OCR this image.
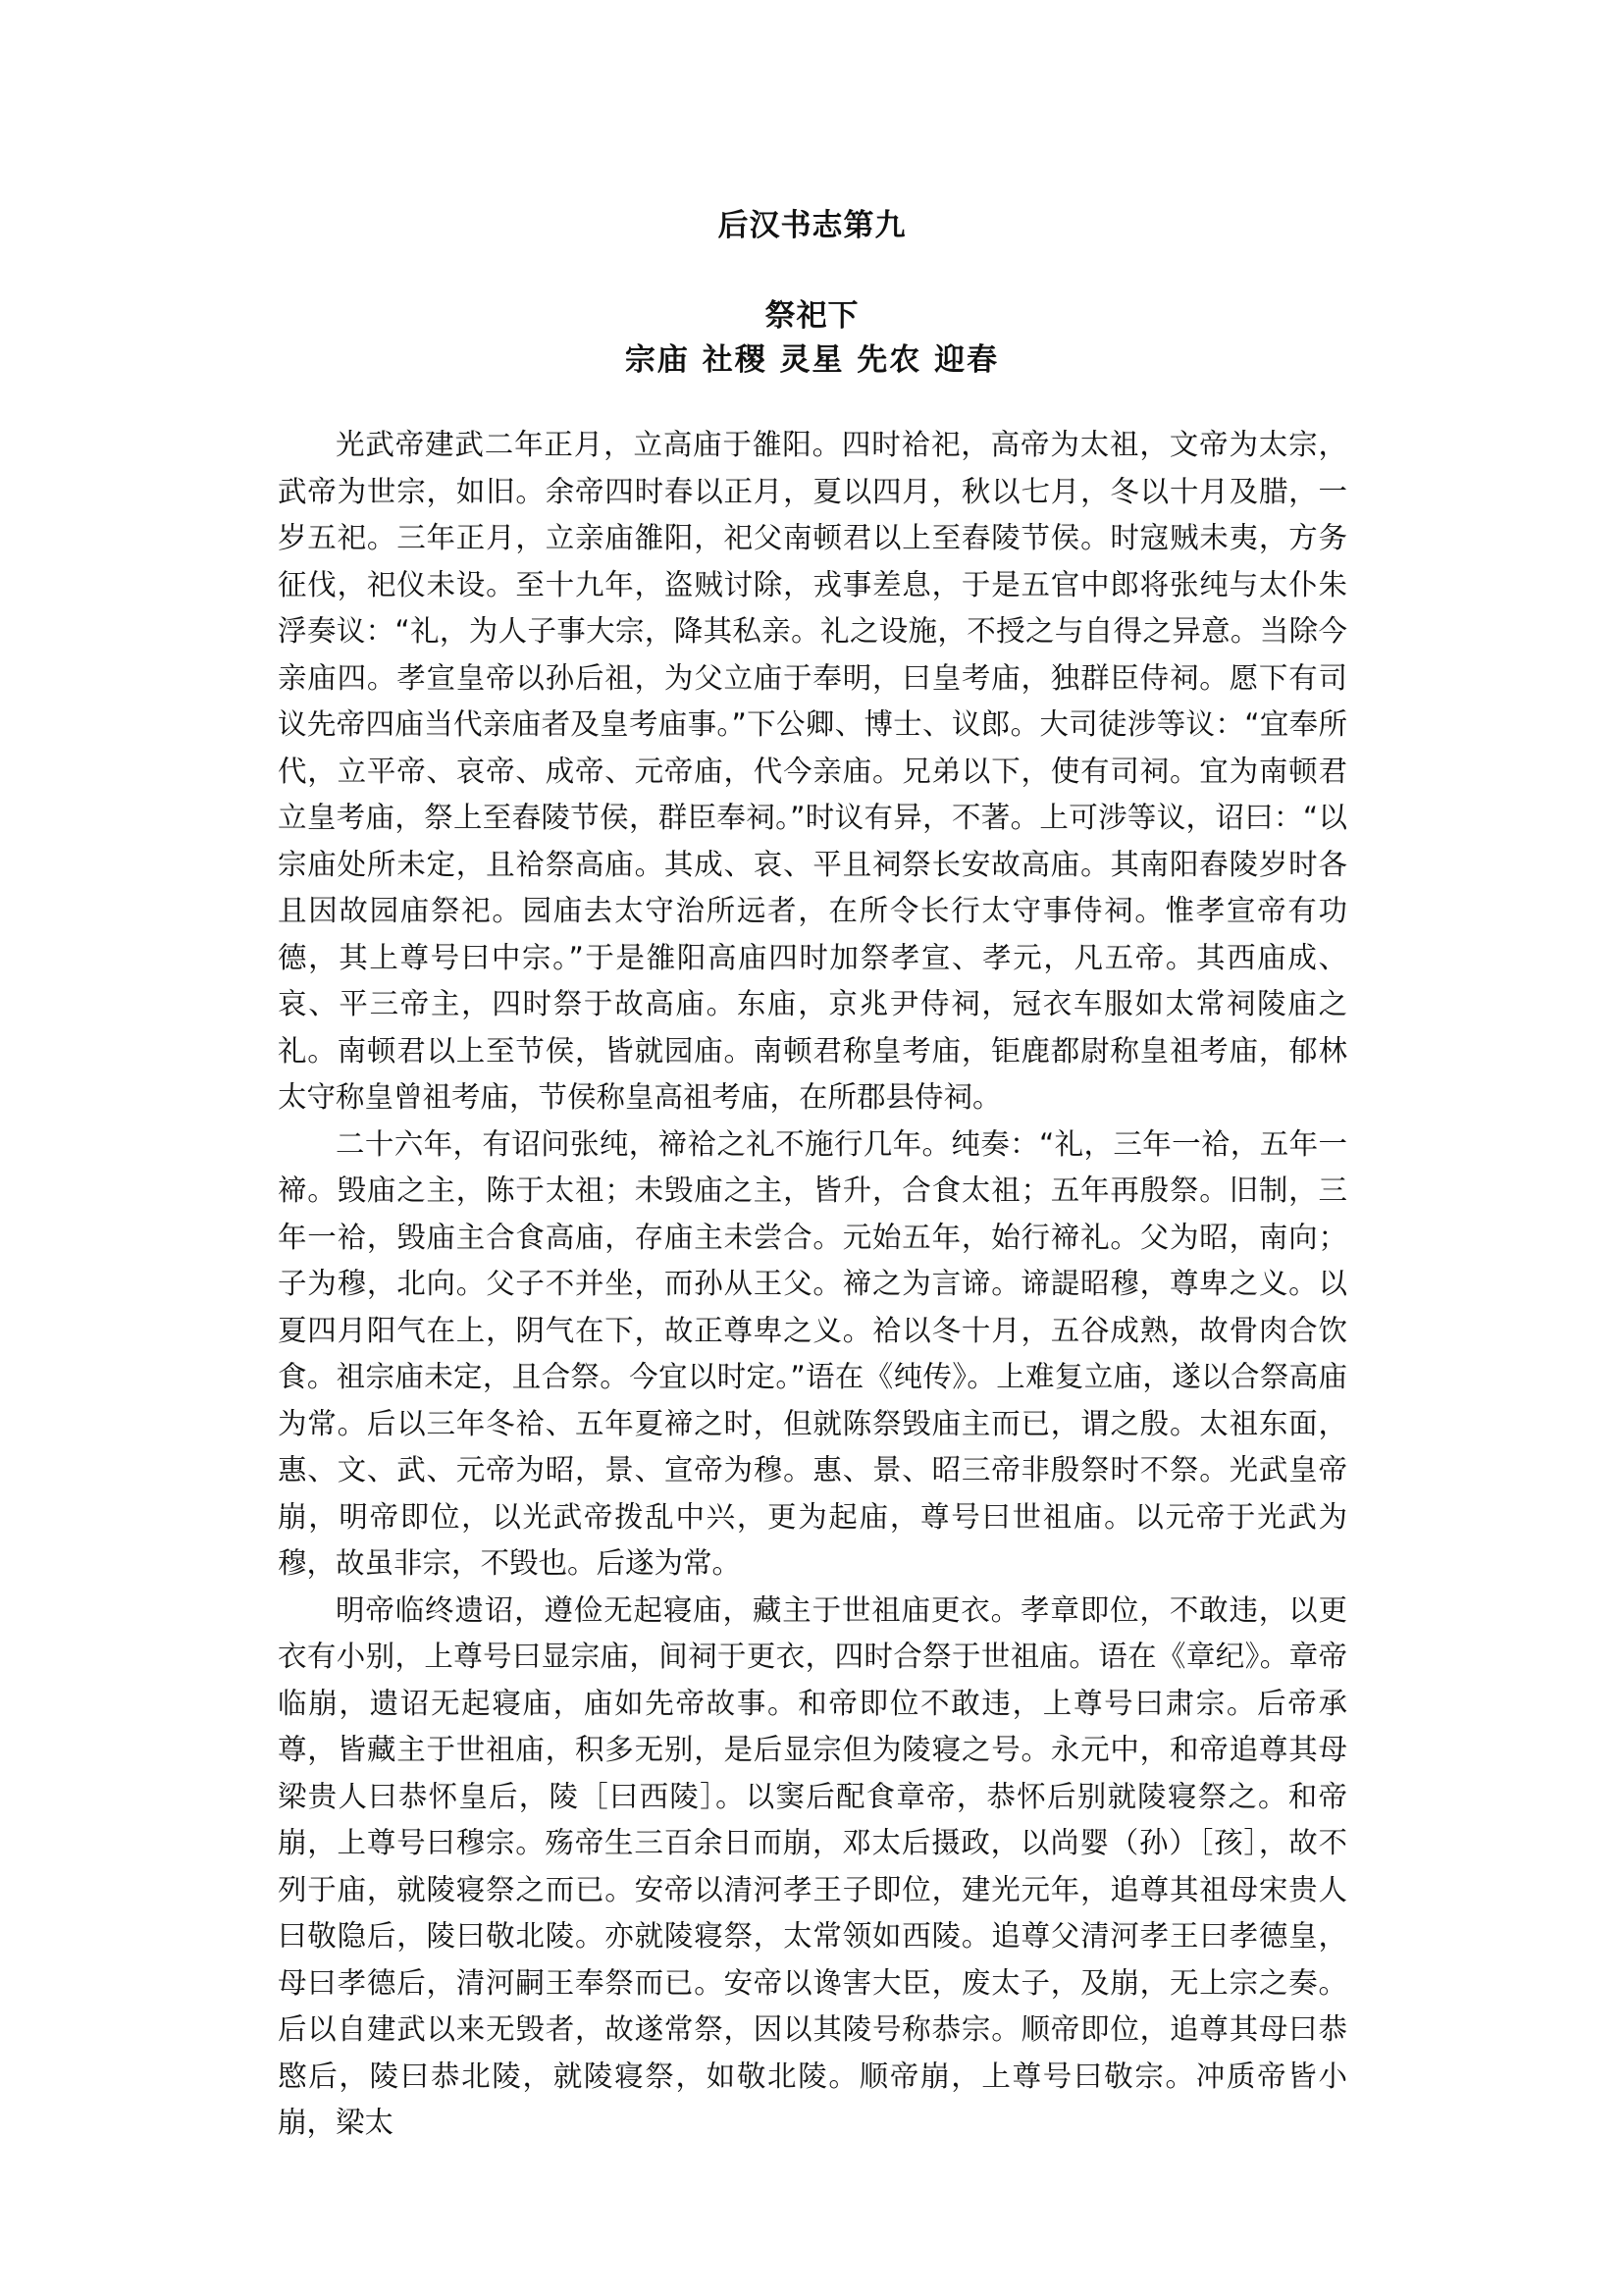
后汉书志第九
祭祀下
宗庙 社稷 灵星 先农 迎春

光武帝建武二年正月，立高庙于雒阳。四时祫祀，高帝为太祖，文帝为太宗，武帝为世宗，如旧。余帝四时春以正月，夏以四月，秋以七月，冬以十月及腊，一岁五祀。三年正月，立亲庙雒阳，祀父南顿君以上至舂陵节侯。时寇贼未夷，方务征伐，祀仪未设。至十九年，盗贼讨除，戎事差息，于是五官中郎将张纯与太仆朱浮奏议：“礼，为人子事大宗，降其私亲。礼之设施，不授之与自得之异意。当除今亲庙四。孝宣皇帝以孙后祖，为父立庙于奉明，曰皇考庙，独群臣侍祠。愿下有司议先帝四庙当代亲庙者及皇考庙事。”下公卿、博士、议郎。大司徒涉等议：“宜奉所代，立平帝、哀帝、成帝、元帝庙，代今亲庙。兄弟以下，使有司祠。宜为南顿君立皇考庙，祭上至舂陵节侯，群臣奉祠。”时议有异，不著。上可涉等议，诏曰：“以宗庙处所未定，且祫祭高庙。其成、哀、平且祠祭长安故高庙。其南阳舂陵岁时各且因故园庙祭祀。园庙去太守治所远者，在所令长行太守事侍祠。惟孝宣帝有功德，其上尊号曰中宗。”于是雒阳高庙四时加祭孝宣、孝元，凡五帝。其西庙成、哀、平三帝主，四时祭于故高庙。东庙，京兆尹侍祠，冠衣车服如太常祠陵庙之礼。南顿君以上至节侯，皆就园庙。南顿君称皇考庙，钜鹿都尉称皇祖考庙，郁林太守称皇曾祖考庙，节侯称皇高祖考庙，在所郡县侍祠。

二十六年，有诏问张纯，禘祫之礼不施行几年。纯奏：“礼，三年一祫，五年一禘。毁庙之主，陈于太祖；未毁庙之主，皆升，合食太祖；五年再殷祭。旧制，三年一祫，毁庙主合食高庙，存庙主未尝合。元始五年，始行禘礼。父为昭，南向；子为穆，北向。父子不并坐，而孙从王父。禘之为言谛。谛諟昭穆，尊卑之义。以夏四月阳气在上，阴气在下，故正尊卑之义。祫以冬十月，五谷成熟，故骨肉合饮食。祖宗庙未定，且合祭。今宜以时定。”语在《纯传》。上难复立庙，遂以合祭高庙为常。后以三年冬祫、五年夏禘之时，但就陈祭毁庙主而已，谓之殷。太祖东面，惠、文、武、元帝为昭，景、宣帝为穆。惠、景、昭三帝非殷祭时不祭。光武皇帝崩，明帝即位，以光武帝拨乱中兴，更为起庙，尊号曰世祖庙。以元帝于光武为穆，故虽非宗，不毁也。后遂为常。

明帝临终遗诏，遵俭无起寝庙，藏主于世祖庙更衣。孝章即位，不敢违，以更衣有小别，上尊号曰显宗庙，间祠于更衣，四时合祭于世祖庙。语在《章纪》。章帝临崩，遗诏无起寝庙，庙如先帝故事。和帝即位不敢违，上尊号曰肃宗。后帝承尊，皆藏主于世祖庙，积多无别，是后显宗但为陵寝之号。永元中，和帝追尊其母梁贵人曰恭怀皇后，陵［曰西陵］。以窦后配食章帝，恭怀后别就陵寝祭之。和帝崩，上尊号曰穆宗。殇帝生三百余日而崩，邓太后摄政，以尚婴（孙）［孩］，故不列于庙，就陵寝祭之而已。安帝以清河孝王子即位，建光元年，追尊其祖母宋贵人曰敬隐后，陵曰敬北陵。亦就陵寝祭，太常领如西陵。追尊父清河孝王曰孝德皇，母曰孝德后，清河嗣王奉祭而已。安帝以谗害大臣，废太子，及崩，无上宗之奏。后以自建武以来无毁者，故遂常祭，因以其陵号称恭宗。顺帝即位，追尊其母曰恭愍后，陵曰恭北陵，就陵寝祭，如敬北陵。顺帝崩，上尊号曰敬宗。冲质帝皆小崩，梁太
